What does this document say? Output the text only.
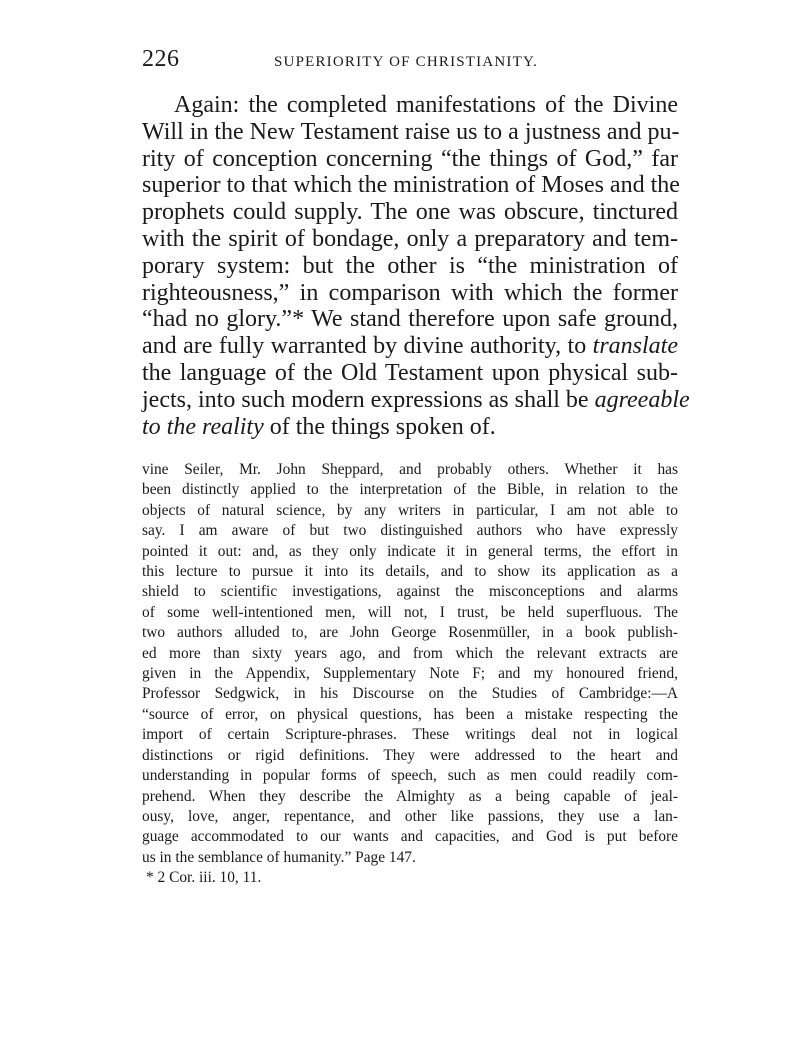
226	SUPERIORITY OF CHRISTIANITY.
Again: the completed manifestations of the Divine
Will in the New Testament raise us to a justness and pu-
rity of conception concerning “the things of God,” far
superior to that which the ministration of Moses and the
prophets could supply. The one was obscure, tinctured
with the spirit of bondage, only a preparatory and tem-
porary system: but the other is “the ministration of
righteousness,” in comparison with which the former
“had no glory.”* We stand therefore upon safe ground,
and are fully warranted by divine authority, to translate
the language of the Old Testament upon physical sub-
jects, into such modern expressions as shall be agreeable
to the reality of the things spoken of.
vine Seiler, Mr. John Sheppard, and probably others. Whether it has
been distinctly applied to the interpretation of the Bible, in relation to the
objects of natural science, by any writers in particular, I am not able to
say. I am aware of but two distinguished authors who have expressly
pointed it out: and, as they only indicate it in general terms, the effort in
this lecture to pursue it into its details, and to show its application as a
shield to scientific investigations, against the misconceptions and alarms
of some well-intentioned men, will not, I trust, be held superfluous. The
two authors alluded to, are John George Rosenmüller, in a book publish-
ed more than sixty years ago, and from which the relevant extracts are
given in the Appendix, Supplementary Note F; and my honoured friend,
Professor Sedgwick, in his Discourse on the Studies of Cambridge:—A
“source of error, on physical questions, has been a mistake respecting the
import of certain Scripture-phrases. These writings deal not in logical
distinctions or rigid definitions. They were addressed to the heart and
understanding in popular forms of speech, such as men could readily com-
prehend. When they describe the Almighty as a being capable of jeal-
ousy, love, anger, repentance, and other like passions, they use a lan-
guage accommodated to our wants and capacities, and God is put before
us in the semblance of humanity.” Page 147.
* 2 Cor. iii. 10, 11.
